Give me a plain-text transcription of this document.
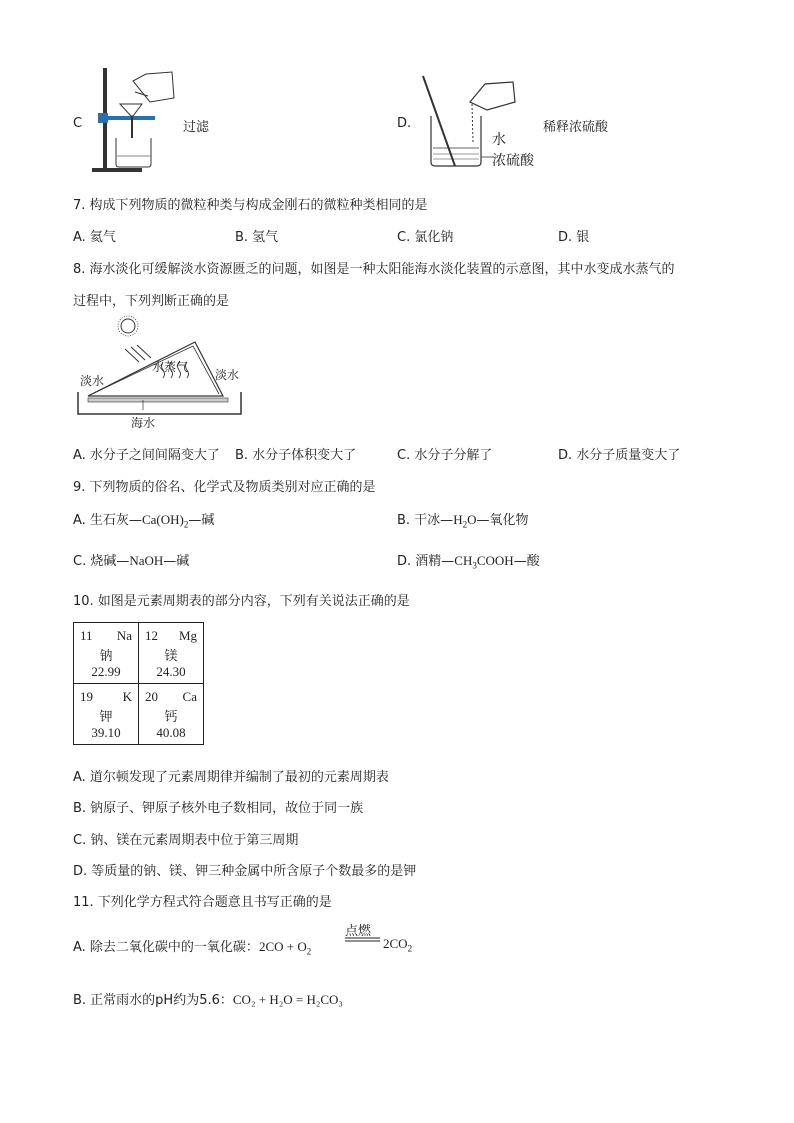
C	过滤	D.
水
浓硫酸
稀释浓硫酸
7. 构成下列物质的微粒种类与构成金刚石的微粒种类相同的是
A. 氦气	B. 氢气	C. 氯化钠	D. 银
8. 海水淡化可缓解淡水资源匮乏的问题，如图是一种太阳能海水淡化装置的示意图，其中水变成水蒸气的
过程中，下列判断正确的是
淡水	淡水
水蒸气
海水
A. 水分子之间间隔变大了 B. 水分子体积变大了	C. 水分子分解了	D. 水分子质量变大了
9. 下列物质的俗名、化学式及物质类别对应正确的是
A. 生石灰$—Ca(OH)_2—$碱	B. 干冰$—H_2O—$氧化物
C. 烧碱—NaOH—碱	D. 酒精$—CH_3COOH—$酸
10. 如图是元素周期表的部分内容，下列有关说法正确的是
11 Na
钠
22.99	12 Mg
镁
24.30

19 K
钾
39.10	20 Ca
钙
40.08
A. 道尔顿发现了元素周期律并编制了最初的元素周期表
B. 钠原子、钾原子核外电子数相同，故位于同一族
C. 钠、镁在元素周期表中位于第三周期
D. 等质量的钠、镁、钾三种金属中所含原子个数最多的是钾
11. 下列化学方程式符合题意且书写正确的是
A. 除去二氧化碳中的一氧化碳：$2CO + O_2$
点燃
$2CO_2$
B. 正常雨水的pH约为5.6：CO₂ + H₂O = H₂CO₃
